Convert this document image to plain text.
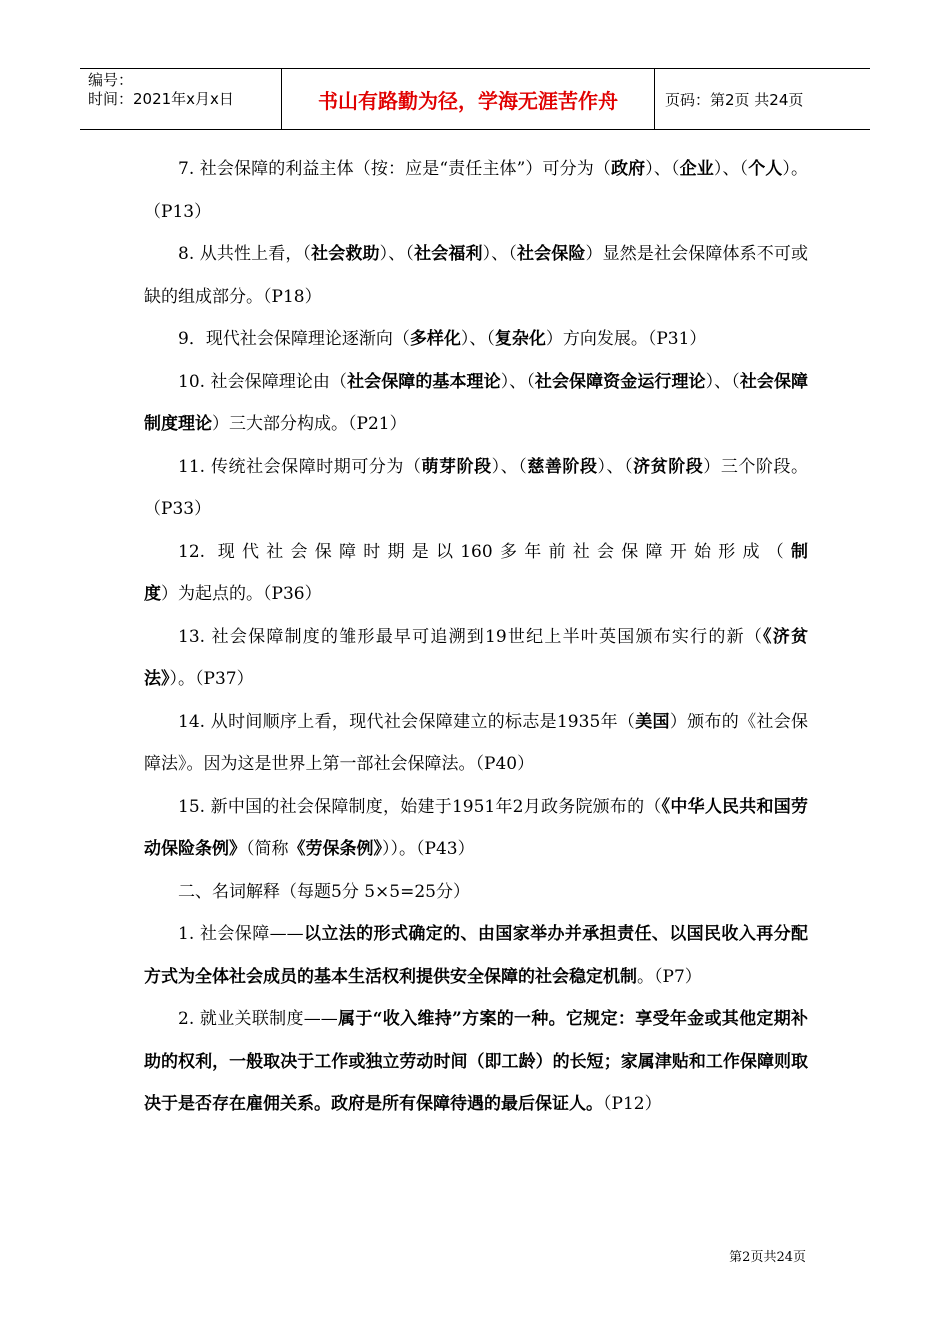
编号：
时间：2021年x月x日	书山有路勤为径，学海无涯苦作舟	页码：第2页 共24页

7. 社会保障的利益主体（按：应是“责任主体”）可分为（政府）、（企业）、（个人）。（P13）

8. 从共性上看，（社会救助）、（社会福利）、（社会保险）显然是社会保障体系不可或缺的组成部分。（P18）

9．现代社会保障理论逐渐向（多样化）、（复杂化）方向发展。（P31）

10. 社会保障理论由（社会保障的基本理论）、（社会保障资金运行理论）、（社会保障制度理论）三大部分构成。（P21）

11. 传统社会保障时期可分为（萌芽阶段）、（慈善阶段）、（济贫阶段）三个阶段。（P33）

12. 现代社会保障时期是以160多年前社会保障开始形成（制度）为起点的。（P36）

13. 社会保障制度的雏形最早可追溯到19世纪上半叶英国颁布实行的新（《济贫法》）。（P37）

14. 从时间顺序上看，现代社会保障建立的标志是1935年（美国）颁布的《社会保障法》。因为这是世界上第一部社会保障法。（P40）

15. 新中国的社会保障制度，始建于1951年2月政务院颁布的（《中华人民共和国劳动保险条例》（简称《劳保条例》））。（P43）

二、名词解释（每题5分 5×5=25分）

1. 社会保障——以立法的形式确定的、由国家举办并承担责任、以国民收入再分配方式为全体社会成员的基本生活权利提供安全保障的社会稳定机制。（P7）

2. 就业关联制度——属于“收入维持”方案的一种。它规定：享受年金或其他定期补助的权利，一般取决于工作或独立劳动时间（即工龄）的长短；家属津贴和工作保障则取决于是否存在雇佣关系。政府是所有保障待遇的最后保证人。（P12）

第2页共24页
